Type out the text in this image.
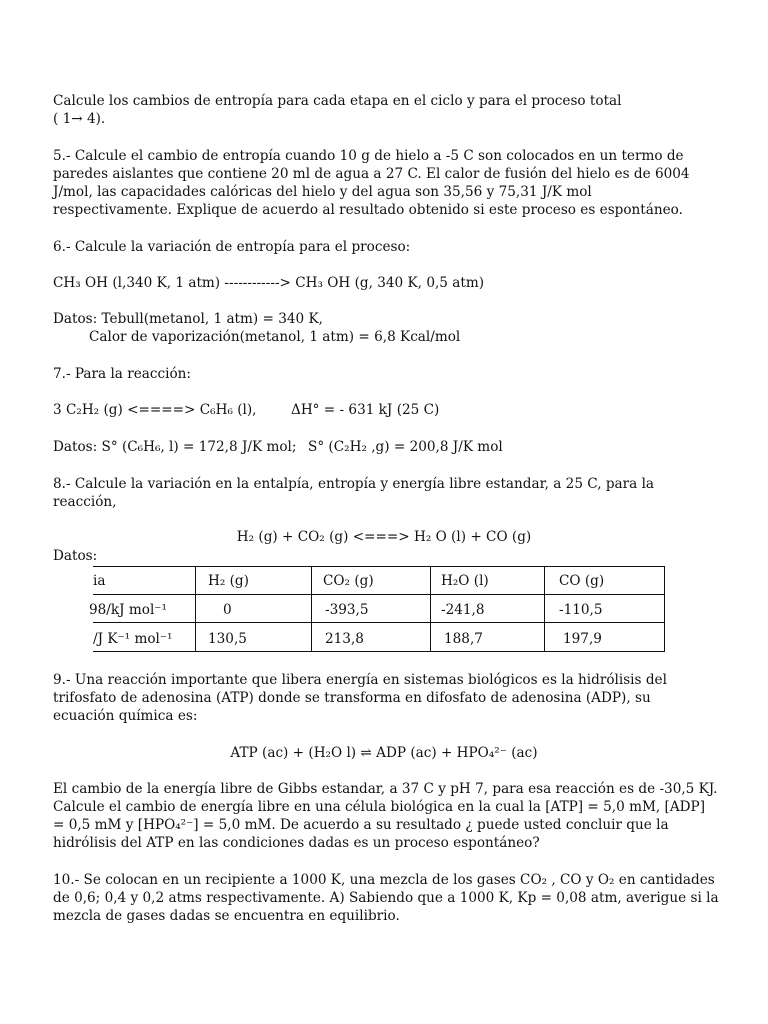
Calcule los cambios de entropía para cada etapa en el ciclo y para el proceso total
( 1→ 4).
5.- Calcule el cambio de entropía cuando 10 g de hielo a -5 C son colocados en un termo de
paredes aislantes que contiene 20 ml de agua a 27 C. El calor de fusión del hielo es de 6004
J/mol, las capacidades calóricas del hielo y del agua son 35,56 y 75,31 J/K mol
respectivamente. Explique de acuerdo al resultado obtenido si este proceso es espontáneo.
6.- Calcule la variación de entropía para el proceso:
CH₃ OH (l,340 K, 1 atm) ------------> CH₃ OH (g, 340 K, 0,5 atm)
Datos: Tebull(metanol, 1 atm) = 340 K,
Calor de vaporización(metanol, 1 atm) = 6,8 Kcal/mol
7.- Para la reacción:
3 C₂H₂ (g) <====> C₆H₆ (l),	ΔH° = - 631 kJ (25 C)
Datos: S° (C₆H₆, l) = 172,8 J/K mol; S° (C₂H₂ ,g) = 200,8 J/K mol
8.- Calcule la variación en la entalpía, entropía y energía libre estandar, a 25 C, para la
reacción,
H₂ (g) + CO₂ (g) <===> H₂ O (l) + CO (g)
Datos:
ia	H₂ (g)	CO₂ (g)	H₂O (l)	CO (g)
98/kJ mol⁻¹	0	-393,5	-241,8	-110,5
/J K⁻¹ mol⁻¹	130,5	213,8	188,7	197,9
9.- Una reacción importante que libera energía en sistemas biológicos es la hidrólisis del
trifosfato de adenosina (ATP) donde se transforma en difosfato de adenosina (ADP), su
ecuación química es:
ATP (ac) + (H₂O l) ⇌ ADP (ac) + HPO₄²⁻ (ac)
El cambio de la energía libre de Gibbs estandar, a 37 C y pH 7, para esa reacción es de -30,5 KJ.
Calcule el cambio de energía libre en una célula biológica en la cual la [ATP] = 5,0 mM, [ADP]
= 0,5 mM y [HPO₄²⁻] = 5,0 mM. De acuerdo a su resultado ¿ puede usted concluir que la
hidrólisis del ATP en las condiciones dadas es un proceso espontáneo?
10.- Se colocan en un recipiente a 1000 K, una mezcla de los gases CO₂ , CO y O₂ en cantidades
de 0,6; 0,4 y 0,2 atms respectivamente. A) Sabiendo que a 1000 K, Kp = 0,08 atm, averigue si la
mezcla de gases dadas se encuentra en equilibrio.
